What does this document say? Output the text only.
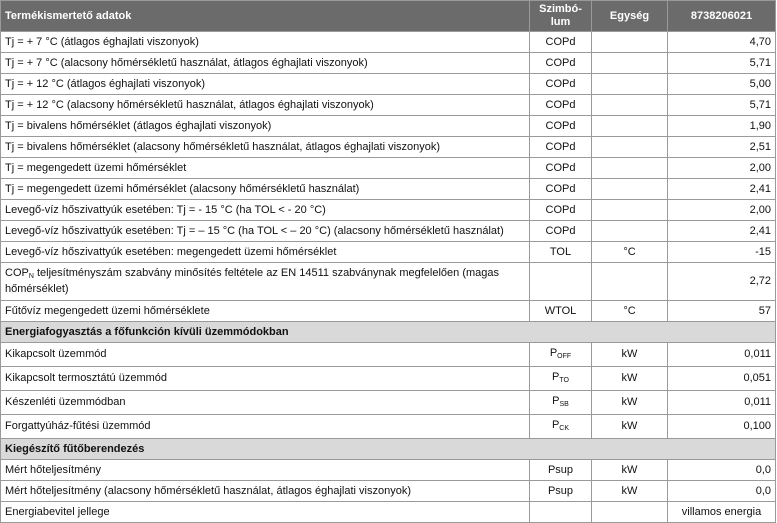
Termékismertető adatok	Szimbó-lum	Egység	8738206021
Tj = + 7 °C (átlagos éghajlati viszonyok)	COPd		4,70
Tj = + 7 °C (alacsony hőmérsékletű használat, átlagos éghajlati viszonyok)	COPd		5,71
Tj = + 12 °C (átlagos éghajlati viszonyok)	COPd		5,00
Tj = + 12 °C (alacsony hőmérsékletű használat, átlagos éghajlati viszonyok)	COPd		5,71
Tj = bivalens hőmérséklet (átlagos éghajlati viszonyok)	COPd		1,90
Tj = bivalens hőmérséklet (alacsony hőmérsékletű használat, átlagos éghajlati viszonyok)	COPd		2,51
Tj = megengedett üzemi hőmérséklet	COPd		2,00
Tj = megengedett üzemi hőmérséklet (alacsony hőmérsékletű használat)	COPd		2,41
Levegő-víz hőszivattyúk esetében: Tj = - 15 °C (ha TOL < - 20 °C)	COPd		2,00
Levegő-víz hőszivattyúk esetében: Tj = – 15 °C (ha TOL < – 20 °C) (alacsony hőmérsékletű használat)	COPd		2,41
Levegő-víz hőszivattyúk esetében: megengedett üzemi hőmérséklet	TOL	°C	-15
COPN teljesítményszám szabvány minősítés feltétele az EN 14511 szabványnak megfelelően (magas hőmérséklet)			2,72
Fűtővíz megengedett üzemi hőmérséklete	WTOL	°C	57
Energiafogyasztás a főfunkción kívüli üzemmódokban			
Kikapcsolt üzemmód	POFF	kW	0,011
Kikapcsolt termosztátú üzemmód	PTO	kW	0,051
Készenléti üzemmódban	PSB	kW	0,011
Forgattyúház-fűtési üzemmód	PCK	kW	0,100
Kiegészítő fűtőberendezés			
Mért hőteljesítmény	Psup	kW	0,0
Mért hőteljesítmény (alacsony hőmérsékletű használat, átlagos éghajlati viszonyok)	Psup	kW	0,0
Energiabevitel jellege			villamos energia
